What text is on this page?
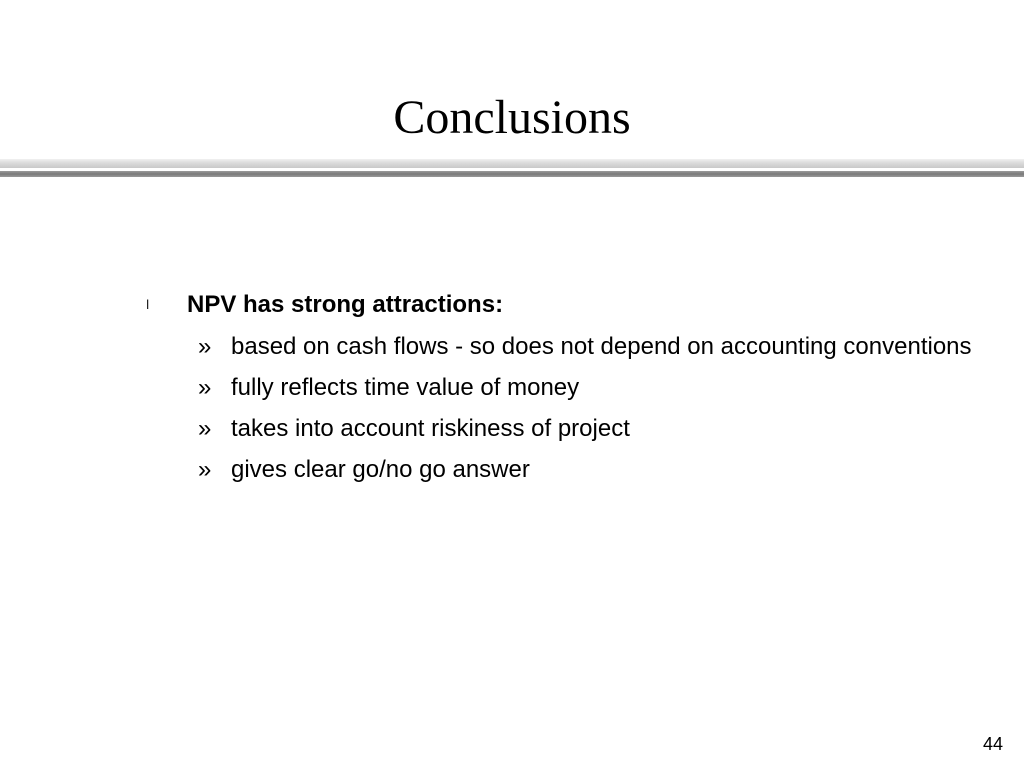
Conclusions
l NPV has strong attractions:
» based on cash flows - so does not depend on accounting conventions
» fully reflects time value of money
» takes into account riskiness of project
» gives clear go/no go answer
44
